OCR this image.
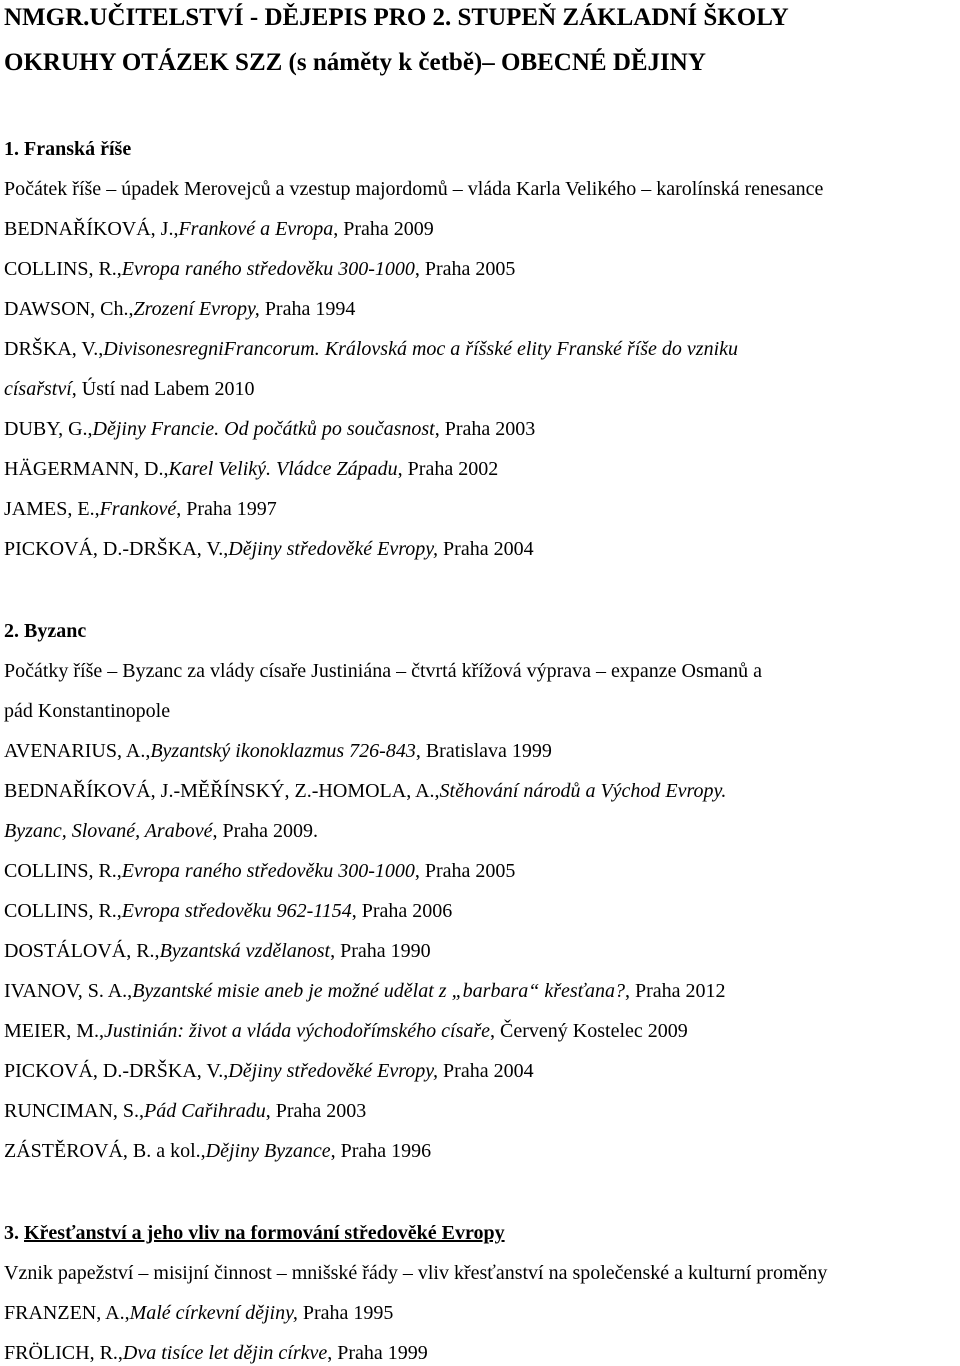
NMGR.UČITELSTVÍ - DĚJEPIS PRO 2. STUPEŇ ZÁKLADNÍ ŠKOLY
OKRUHY OTÁZEK SZZ (s náměty k četbě)– OBECNÉ DĚJINY
1. Franská říše
Počátek říše – úpadek Merovejců a vzestup majordomů – vláda Karla Velikého – karolínská renesance
BEDNAŘÍKOVÁ, J.,Frankové a Evropa, Praha 2009
COLLINS, R.,Evropa raného středověku 300-1000, Praha 2005
DAWSON, Ch.,Zrození Evropy, Praha 1994
DRŠKA, V.,DivisonesregniFrancorum. Královská moc a říšské elity Franské říše do vzniku
císařství, Ústí nad Labem 2010
DUBY, G.,Dějiny Francie. Od počátků po současnost, Praha 2003
HÄGERMANN, D.,Karel Veliký. Vládce Západu, Praha 2002
JAMES, E.,Frankové, Praha 1997
PICKOVÁ, D.-DRŠKA, V.,Dějiny středověké Evropy, Praha 2004
2. Byzanc
Počátky říše – Byzanc za vlády císaře Justiniána – čtvrtá křížová výprava – expanze Osmanů a
pád Konstantinopole
AVENARIUS, A.,Byzantský ikonoklazmus 726-843, Bratislava 1999
BEDNAŘÍKOVÁ, J.-MĚŘÍNSKÝ, Z.-HOMOLA, A.,Stěhování národů a Východ Evropy.
Byzanc, Slované, Arabové, Praha 2009.
COLLINS, R.,Evropa raného středověku 300-1000, Praha 2005
COLLINS, R.,Evropa středověku 962-1154, Praha 2006
DOSTÁLOVÁ, R.,Byzantská vzdělanost, Praha 1990
IVANOV, S. A.,Byzantské misie aneb je možné udělat z „barbara“ křesťana?, Praha 2012
MEIER, M.,Justinián: život a vláda východořímského císaře, Červený Kostelec 2009
PICKOVÁ, D.-DRŠKA, V.,Dějiny středověké Evropy, Praha 2004
RUNCIMAN, S.,Pád Cařihradu, Praha 2003
ZÁSTĚROVÁ, B. a kol.,Dějiny Byzance, Praha 1996
3. Křesťanství a jeho vliv na formování středověké Evropy
Vznik papežství – misijní činnost – mnišské řády – vliv křesťanství na společenské a kulturní proměny
FRANZEN, A.,Malé církevní dějiny, Praha 1995
FRÖLICH, R.,Dva tisíce let dějin církve, Praha 1999
